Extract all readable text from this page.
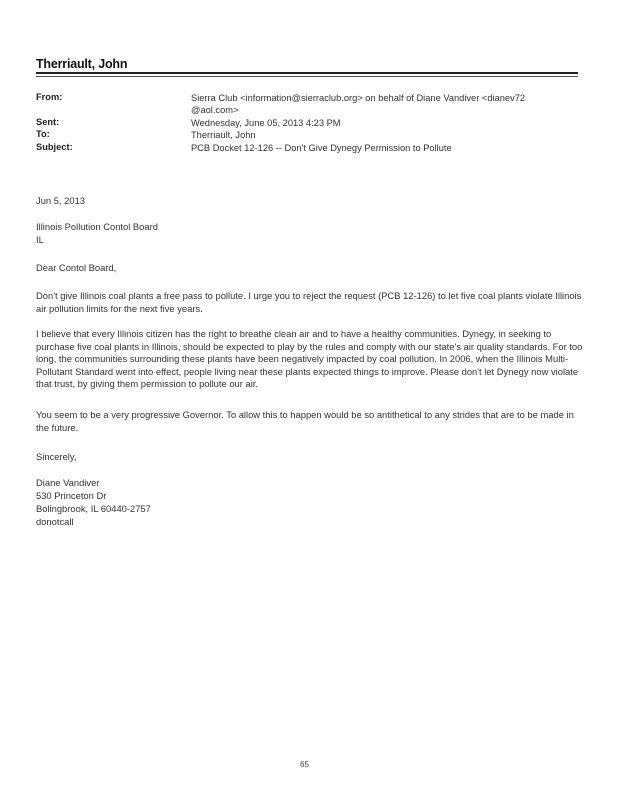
Therriault, John
From:	Sierra Club <information@sierraclub.org> on behalf of Diane Vandiver <dianev72
@aol.com>
Sent:	Wednesday, June 05, 2013 4:23 PM
To:	Therriault, John
Subject:	PCB Docket 12-126 -- Don't Give Dynegy Permission to Pollute
Jun 5, 2013
Illinois Pollution Contol Board
IL
Dear Contol Board,
Don't give Illinois coal plants a free pass to pollute. I urge you to reject the request (PCB 12-126) to let five coal plants violate Illinois air pollution limits for the next five years.
I believe that every Illinois citizen has the right to breathe clean air and to have a healthy communities. Dynegy, in seeking to purchase five coal plants in Illinois, should be expected to play by the rules and comply with our state's air quality standards. For too long, the communities surrounding these plants have been negatively impacted by coal pollution. In 2006, when the Illinois Multi-Pollutant Standard went into effect, people living near these plants expected things to improve. Please don't let Dynegy now violate that trust, by giving them permission to pollute our air.
You seem to be a very progressive Governor. To allow this to happen would be so antithetical to any strides that are to be made in the future.
Sincerely,
Diane Vandiver
530 Princeton Dr
Bolingbrook, IL 60440-2757
donotcall
65
